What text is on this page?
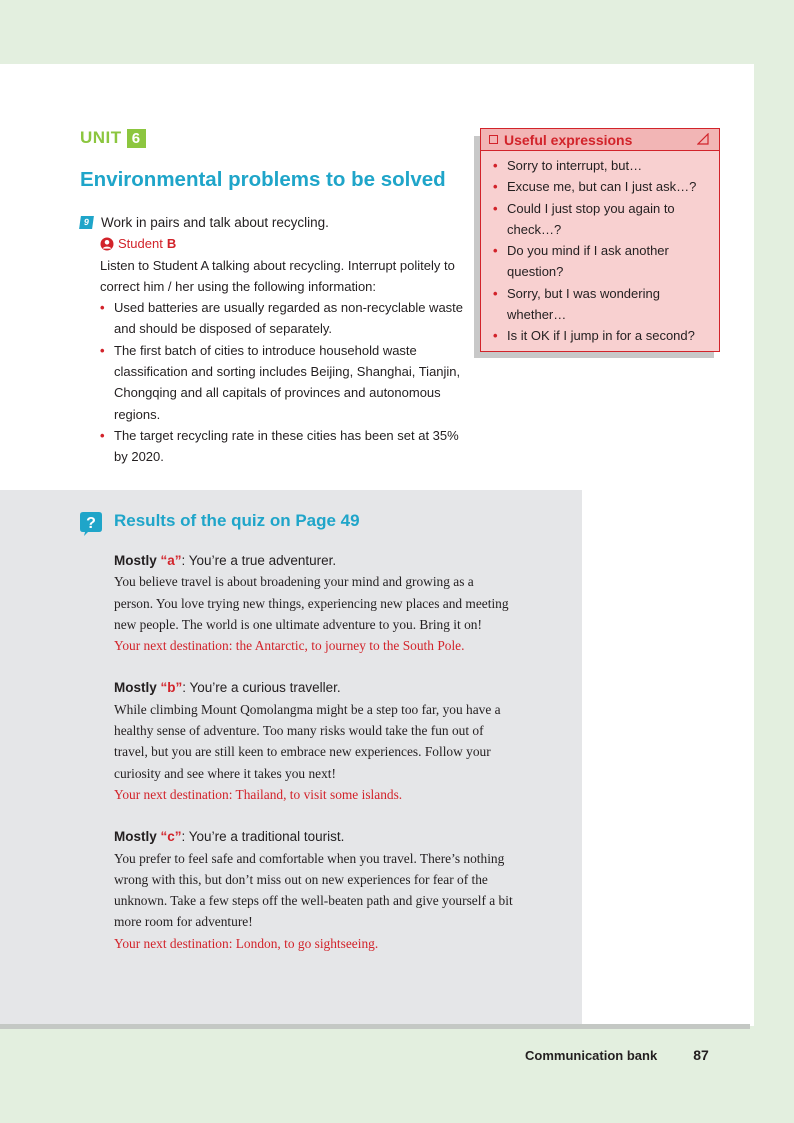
UNIT 6
Environmental problems to be solved
9 Work in pairs and talk about recycling.
Student B
Listen to Student A talking about recycling. Interrupt politely to correct him / her using the following information:
• Used batteries are usually regarded as non-recyclable waste and should be disposed of separately.
• The first batch of cities to introduce household waste classification and sorting includes Beijing, Shanghai, Tianjin, Chongqing and all capitals of provinces and autonomous regions.
• The target recycling rate in these cities has been set at 35% by 2020.
Useful expressions
• Sorry to interrupt, but…
• Excuse me, but can I just ask…?
• Could I just stop you again to check…?
• Do you mind if I ask another question?
• Sorry, but I was wondering whether…
• Is it OK if I jump in for a second?
? Results of the quiz on Page 49
Mostly “a”: You’re a true adventurer.
You believe travel is about broadening your mind and growing as a person. You love trying new things, experiencing new places and meeting new people. The world is one ultimate adventure to you. Bring it on!
Your next destination: the Antarctic, to journey to the South Pole.
Mostly “b”: You’re a curious traveller.
While climbing Mount Qomolangma might be a step too far, you have a healthy sense of adventure. Too many risks would take the fun out of travel, but you are still keen to embrace new experiences. Follow your curiosity and see where it takes you next!
Your next destination: Thailand, to visit some islands.
Mostly “c”: You’re a traditional tourist.
You prefer to feel safe and comfortable when you travel. There’s nothing wrong with this, but don’t miss out on new experiences for fear of the unknown. Take a few steps off the well-beaten path and give yourself a bit more room for adventure!
Your next destination: London, to go sightseeing.
Communication bank	87
